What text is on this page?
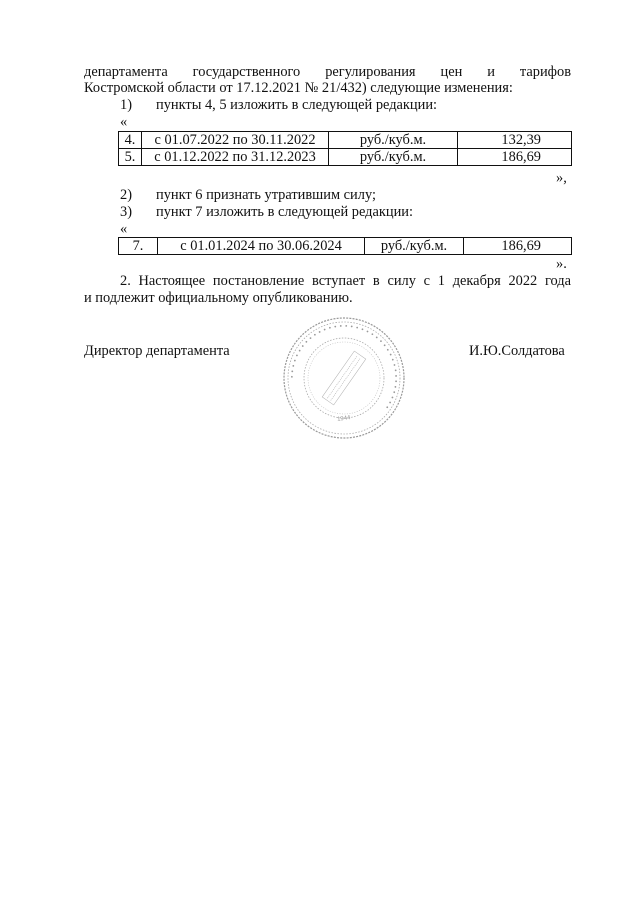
департамента государственного регулирования цен и тарифов
Костромской области от 17.12.2021 № 21/432) следующие изменения:
1) пункты 4, 5 изложить в следующей редакции:
«
4.	с 01.07.2022 по 30.11.2022	руб./куб.м.	132,39
5.	с 01.12.2022 по 31.12.2023	руб./куб.м.	186,69
»,
2) пункт 6 признать утратившим силу;
3) пункт 7 изложить в следующей редакции:
«
7.	с 01.01.2024 по 30.06.2024	руб./куб.м.	186,69
».
2. Настоящее постановление вступает в силу с 1 декабря 2022 года
и подлежит официальному опубликованию.
• • • • • • • • • • • • • • • • • • • • • • • • • • • • • • • • • • • •
1944
Директор департамента	И.Ю.Солдатова
